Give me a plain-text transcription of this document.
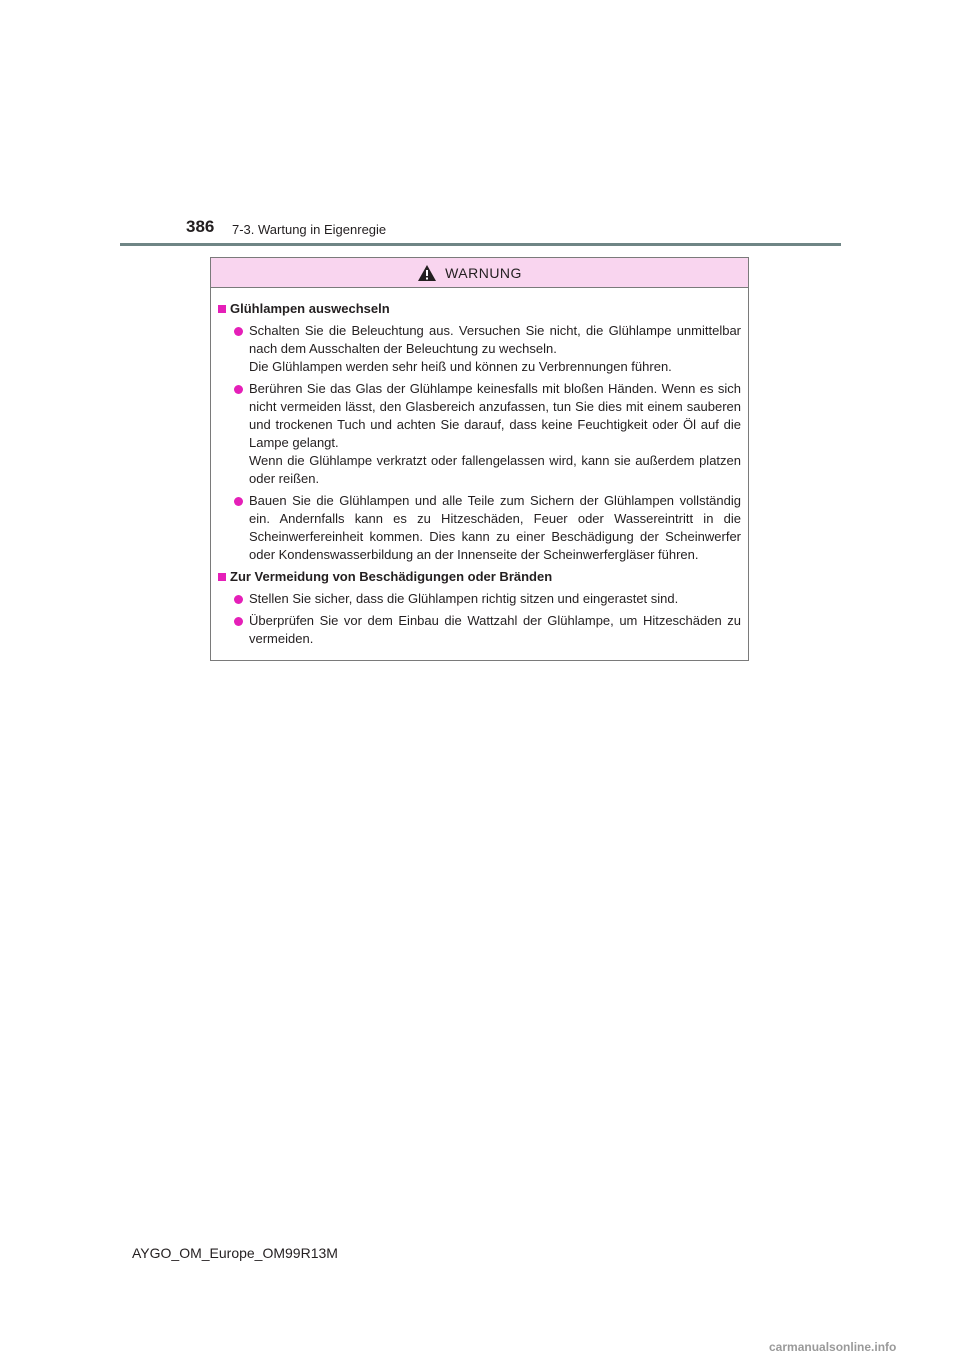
386 7-3. Wartung in Eigenregie
WARNUNG
Glühlampen auswechseln

Schalten Sie die Beleuchtung aus. Versuchen Sie nicht, die Glühlampe unmittelbar nach dem Ausschalten der Beleuchtung zu wechseln.

Die Glühlampen werden sehr heiß und können zu Verbrennungen führen.

Berühren Sie das Glas der Glühlampe keinesfalls mit bloßen Händen. Wenn es sich nicht vermeiden lässt, den Glasbereich anzufassen, tun Sie dies mit einem sauberen und trockenen Tuch und achten Sie darauf, dass keine Feuchtigkeit oder Öl auf die Lampe gelangt.

Wenn die Glühlampe verkratzt oder fallengelassen wird, kann sie außerdem platzen oder reißen.

Bauen Sie die Glühlampen und alle Teile zum Sichern der Glühlampen vollständig ein. Andernfalls kann es zu Hitzeschäden, Feuer oder Wassereintritt in die Scheinwerfereinheit kommen. Dies kann zu einer Beschädigung der Scheinwerfer oder Kondenswasserbildung an der Innenseite der Scheinwerfergläser führen.

Zur Vermeidung von Beschädigungen oder Bränden

Stellen Sie sicher, dass die Glühlampen richtig sitzen und eingerastet sind.

Überprüfen Sie vor dem Einbau die Wattzahl der Glühlampe, um Hitzeschäden zu vermeiden.

AYGO_OM_Europe_OM99R13M
carmanualsonline.info
